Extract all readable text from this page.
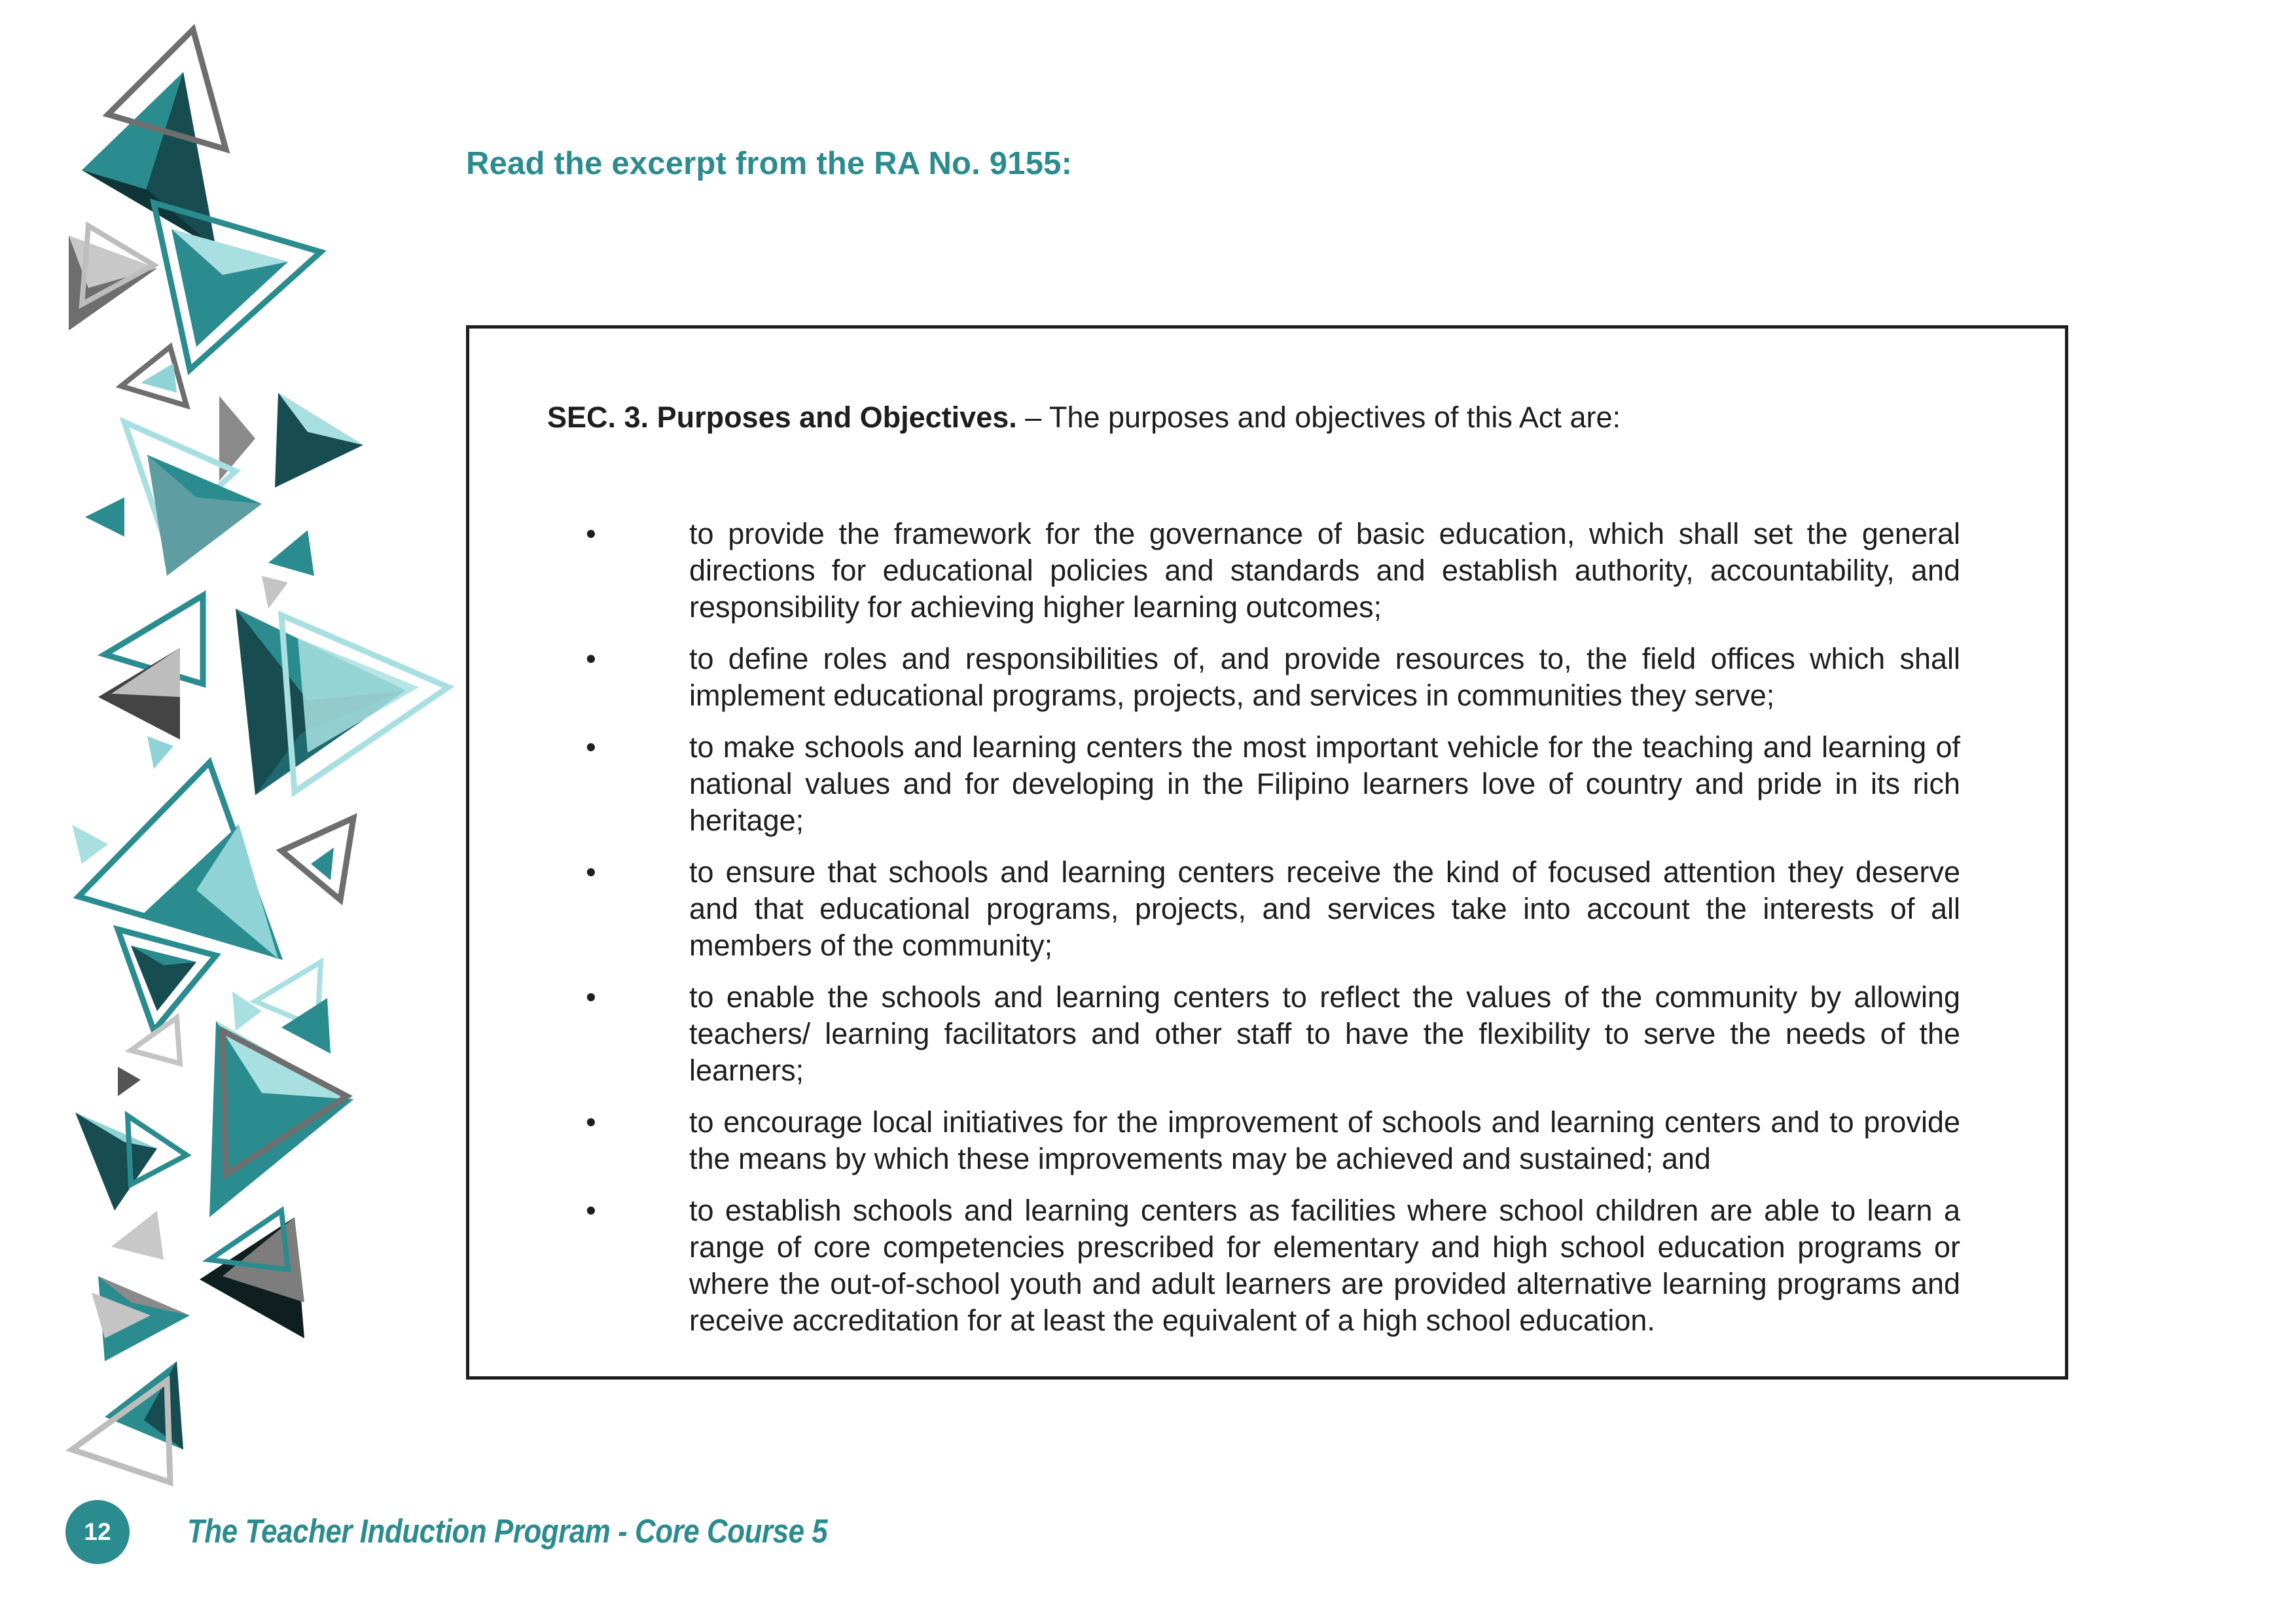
Read the excerpt from the RA No. 9155:

SEC. 3. Purposes and Objectives. – The purposes and objectives of this Act are:

•	to provide the framework for the governance of basic education, which shall set the general directions for educational policies and standards and establish authority, accountability, and responsibility for achieving higher learning outcomes;
•	to define roles and responsibilities of, and provide resources to, the field offices which shall implement educational programs, projects, and services in communities they serve;
•	to make schools and learning centers the most important vehicle for the teaching and learning of national values and for developing in the Filipino learners love of country and pride in its rich heritage;
•	to ensure that schools and learning centers receive the kind of focused attention they deserve and that educational programs, projects, and services take into account the interests of all members of the community;
•	to enable the schools and learning centers to reflect the values of the community by allowing teachers/ learning facilitators and other staff to have the flexibility to serve the needs of the learners;
•	to encourage local initiatives for the improvement of schools and learning centers and to provide the means by which these improvements may be achieved and sustained; and
•	to establish schools and learning centers as facilities where school children are able to learn a range of core competencies prescribed for elementary and high school education programs or where the out-of-school youth and adult learners are provided alternative learning programs and receive accreditation for at least the equivalent of a high school education.
12	The Teacher Induction Program - Core Course 5
